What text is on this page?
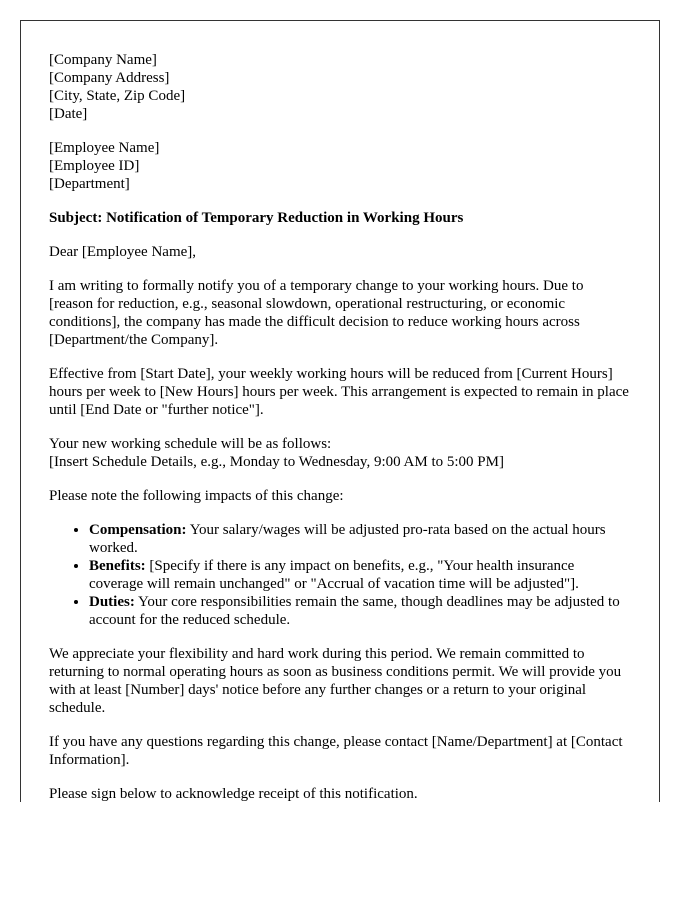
[Company Name]
[Company Address]
[City, State, Zip Code]
[Date]

[Employee Name]
[Employee ID]
[Department]

Subject: Notification of Temporary Reduction in Working Hours

Dear [Employee Name],

I am writing to formally notify you of a temporary change to your working hours. Due to [reason for reduction, e.g., seasonal slowdown, operational restructuring, or economic conditions], the company has made the difficult decision to reduce working hours across [Department/the Company].

Effective from [Start Date], your weekly working hours will be reduced from [Current Hours] hours per week to [New Hours] hours per week. This arrangement is expected to remain in place until [End Date or "further notice"].

Your new working schedule will be as follows:
[Insert Schedule Details, e.g., Monday to Wednesday, 9:00 AM to 5:00 PM]

Please note the following impacts of this change:

• Compensation: Your salary/wages will be adjusted pro-rata based on the actual hours worked.
• Benefits: [Specify if there is any impact on benefits, e.g., "Your health insurance coverage will remain unchanged" or "Accrual of vacation time will be adjusted"].
• Duties: Your core responsibilities remain the same, though deadlines may be adjusted to account for the reduced schedule.

We appreciate your flexibility and hard work during this period. We remain committed to returning to normal operating hours as soon as business conditions permit. We will provide you with at least [Number] days' notice before any further changes or a return to your original schedule.

If you have any questions regarding this change, please contact [Name/Department] at [Contact Information].

Please sign below to acknowledge receipt of this notification.
